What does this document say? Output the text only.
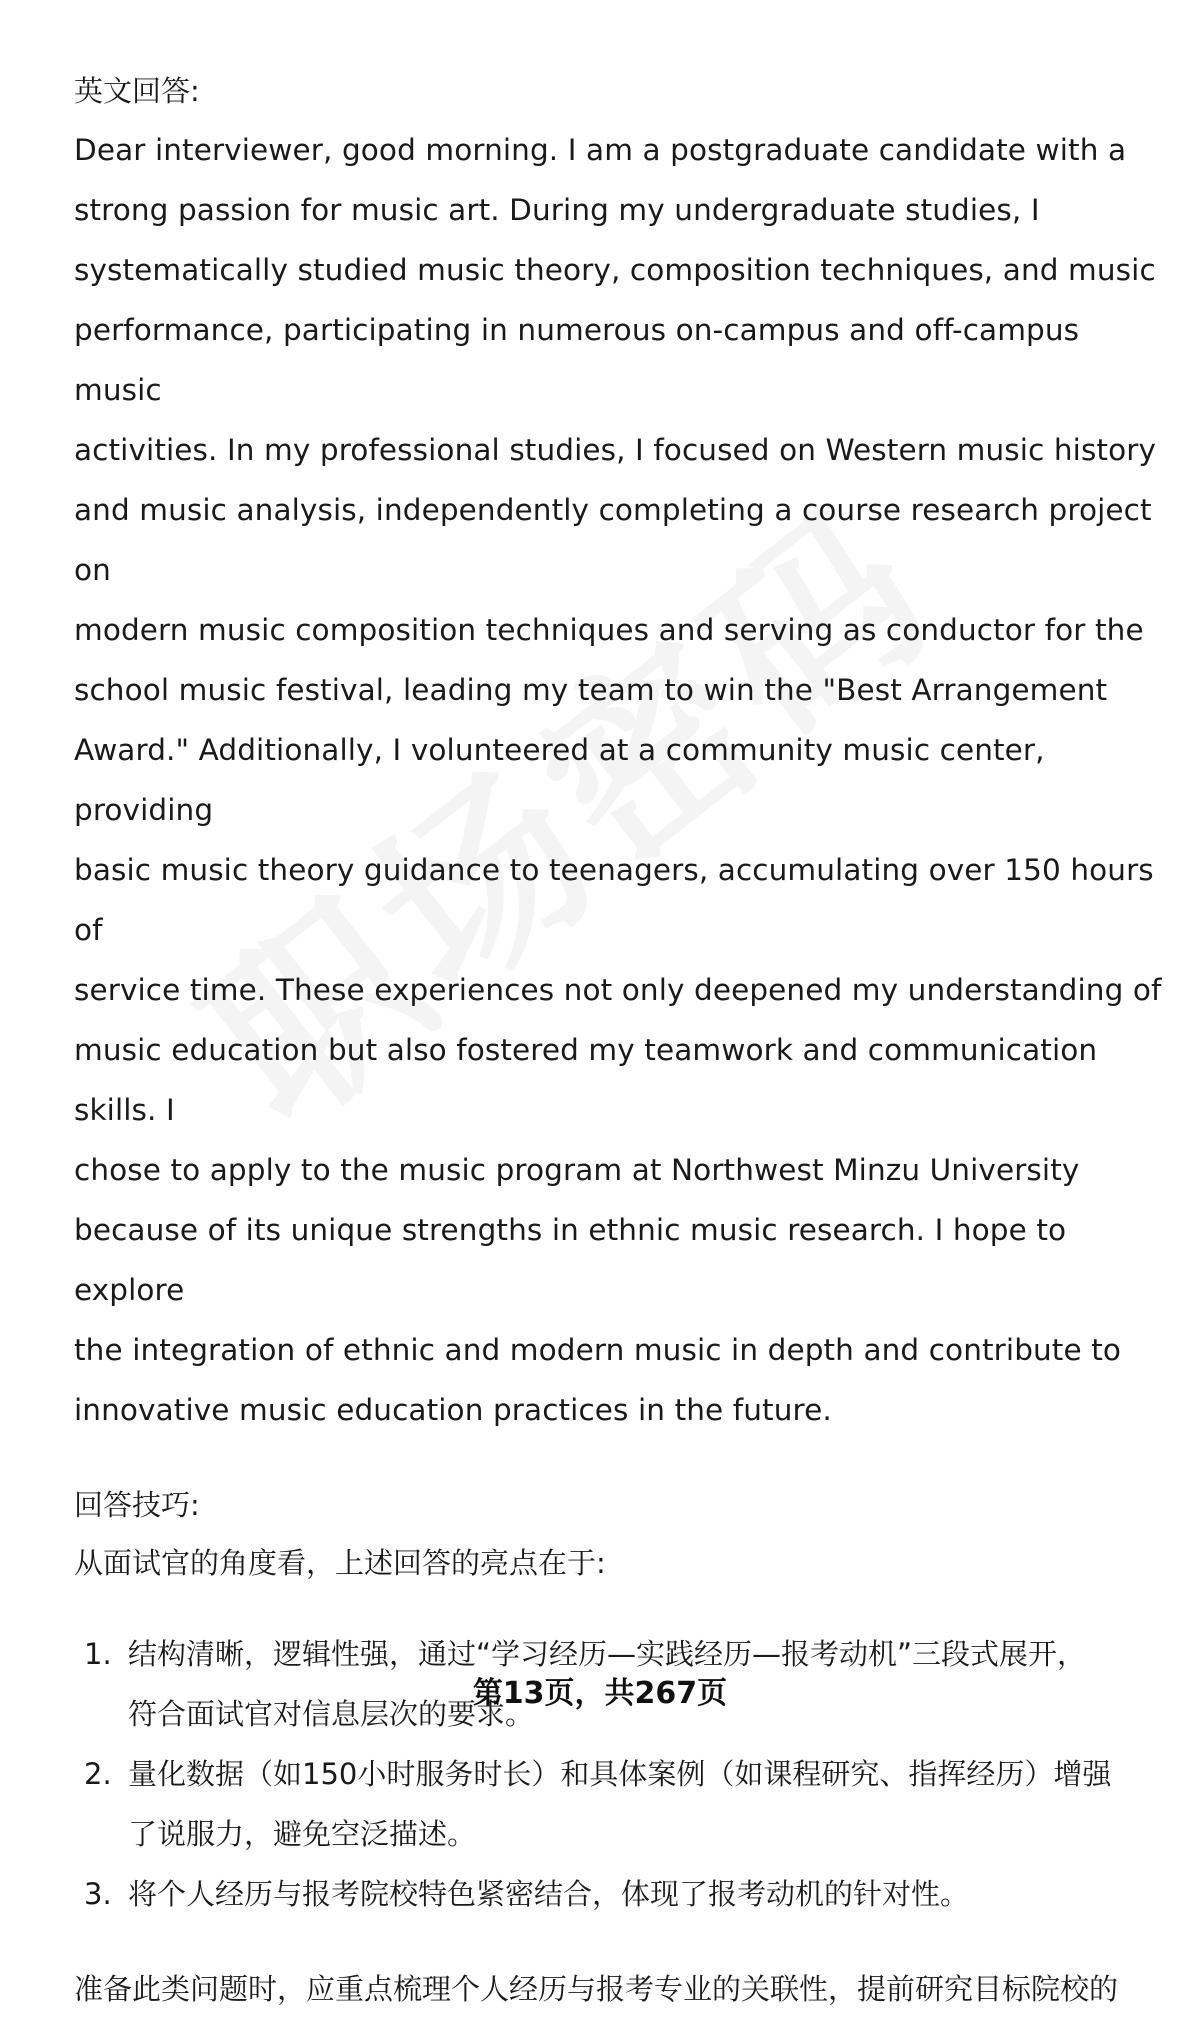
英文回答:

Dear interviewer, good morning. I am a postgraduate candidate with a

strong passion for music art. During my undergraduate studies, I

systematically studied music theory, composition techniques, and music

performance, participating in numerous on-campus and off-campus music

activities. In my professional studies, I focused on Western music history

and music analysis, independently completing a course research project on

modern music composition techniques and serving as conductor for the

school music festival, leading my team to win the "Best Arrangement

Award." Additionally, I volunteered at a community music center, providing

basic music theory guidance to teenagers, accumulating over 150 hours of

service time. These experiences not only deepened my understanding of

music education but also fostered my teamwork and communication skills. I

chose to apply to the music program at Northwest Minzu University

because of its unique strengths in ethnic music research. I hope to explore

the integration of ethnic and modern music in depth and contribute to

innovative music education practices in the future.

回答技巧:

从面试官的角度看，上述回答的亮点在于:

1. 结构清晰，逻辑性强，通过“学习经历—实践经历—报考动机”三段式展开，
符合面试官对信息层次的要求。
2. 量化数据（如150小时服务时长）和具体案例（如课程研究、指挥经历）增强
了说服力，避免空泛描述。
3. 将个人经历与报考院校特色紧密结合，体现了报考动机的针对性。

准备此类问题时，应重点梳理个人经历与报考专业的关联性，提前研究目标院校的

第13页，共267页
